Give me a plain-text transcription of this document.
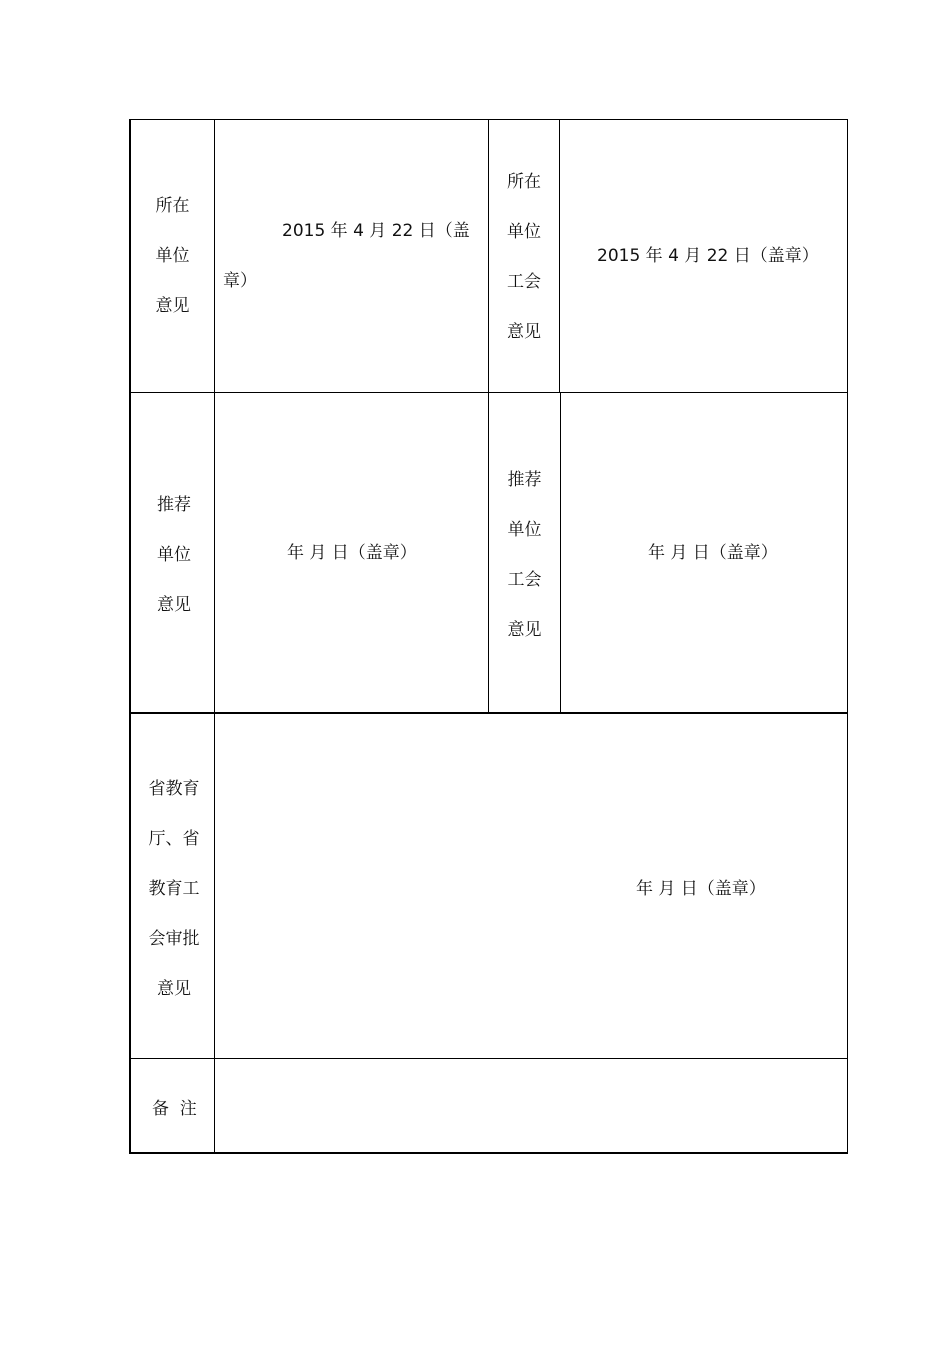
所在
单位
意见
2015 年 4 月 22 日（盖
章）
所在
单位
工会
意见
2015 年 4 月 22 日（盖章）
推荐
单位
意见
年 月 日（盖章）
推荐
单位
工会
意见
年 月 日（盖章）
省教育
厅、省
教育工
会审批
意见
年 月 日（盖章）
备  注
